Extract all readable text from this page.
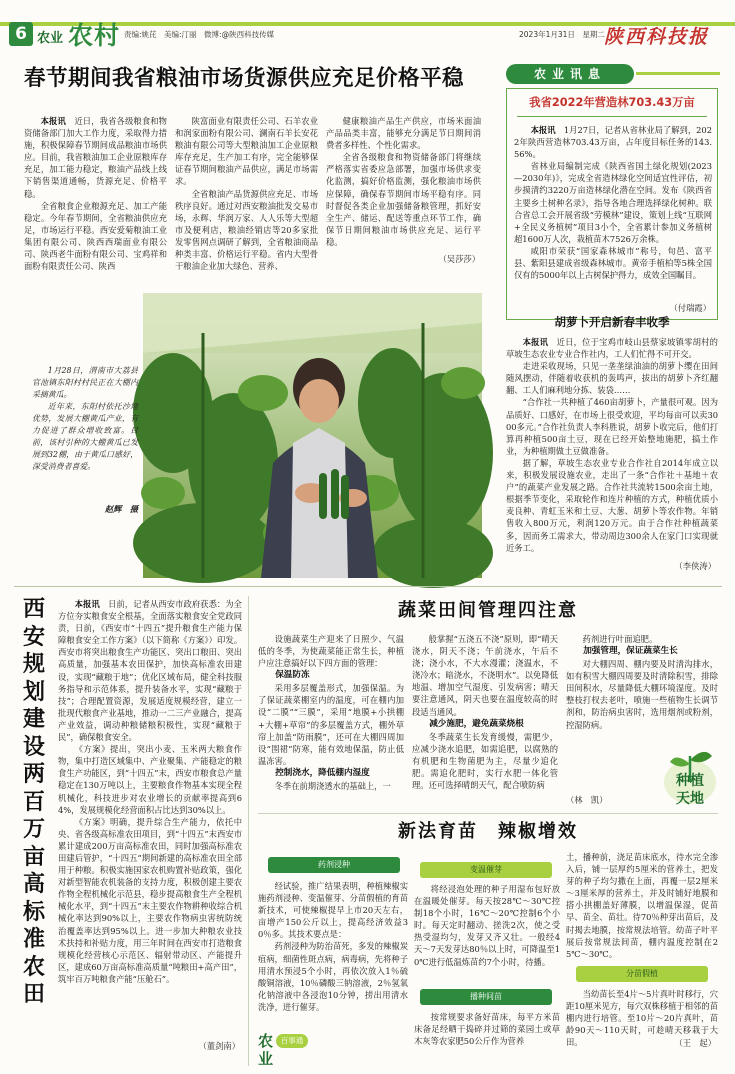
6 农业 农村 责编:姚芘　美编:汀丽　微博:@陕西科技传媒	2023年1月31日　星期二 陕西科技报
春节期间我省粮油市场货源供应充足价格平稳

本报讯　近日，我省各级粮食和物资储备部门加大工作力度，采取得力措施，积极保障春节期间成品粮油市场供应。目前，我省粮油加工企业原粮库存充足，加工能力稳定，粮油产品线上线下销售渠道通畅，货源充足、价格平稳。

全省粮食企业粮源充足、加工产能稳定。今年春节期间，全省粮油供应充足，市场运行平稳。西安爱菊粮油工业集团有限公司、陕西西瑞面业有限公司、陕西老牛面粉有限公司、宝鸡祥和面粉有限责任公司、陕西

陕富面业有限责任公司、石羊农业和润家面粉有限公司、澜南石羊长安花粮油有限公司等大型粮油加工企业原粮库存充足，生产加工有序，完全能够保证春节期间粮油产品供应，满足市场需求。

全省粮油产品货源供应充足、市场秩序良好。通过对西安粮油批发交易市场，永辉、华润万家、人人乐等大型超市及便利店，粮油经销店等20多家批发零售网点调研了解到，全省粮油商品种类丰富、价格运行平稳。省内大型骨干粮油企业加大绿色、营养、

健康粮油产品生产供应，市场米面油产品品类丰富，能够充分满足节日期间消费者多样性、个性化需求。

全省各级粮食和物资储备部门将继续严格落实省委应急部署，加强市场供求变化监测，搞好价格监测，强化粮油市场供应保障，确保春节期间市场平稳有序。同时督促各类企业加强储备粮管理，抓好安全生产、储运、配送等重点环节工作，确保节日期间粮油市场供应充足、运行平稳。

（吴莎莎）

1月28日，渭南市大荔县官池镇东阳村村民正在大棚内采摘黄瓜。

近年来，东阳村依托沙地优势，发展大棚黄瓜产业，有力促进了群众增收致富。目前，该村引种的大棚黄瓜已发展到32棚，由于黄瓜口感好，深受消费者喜爱。

赵辉　摄
农业讯息
我省2022年营造林703.43万亩

本报讯　1月27日，记者从省林业局了解到，2022年陕西营造林703.43万亩，占年度目标任务的143.56%。

省林业局编制完成《陕西省国土绿化规划(2023—2030年)》，完成全省造林绿化空间适宜性评估，初步摸清约3220万亩造林绿化潜在空间。发布《陕西省主要乡土树种名录》，指导各地合理选择绿化树种。联合省总工会开展省级“劳模林”建设，策划上线“互联网+全民义务植树”项目3小个，全省累计参加义务植树超1600万人次，栽植苗木7526万余株。

咸阳市荣获“国家森林城市”称号，旬邑、富平县、紫阳县建成省级森林城市。黄帝手植柏等5株全国仅有的5000年以上古树保护得力，成效全国瞩目。

（付瑞霞）
胡萝卜开启新春丰收季

本报讯　近日，位于宝鸡市岐山县蔡家坡镇零胡村的草坡生态农业专业合作社内，工人们忙得不可开交。

走进采收现场，只见一垄垄绿油油的胡萝卜缨在田间随风摆动，伴随着收获机的轰鸣声，拔出的胡萝卜齐红翻翻、工人们麻利地分拣、装袋……

“合作社一共种植了460亩胡萝卜，产量很可观。因为品质好、口感好，在市场上很受欢迎，平均每亩可以卖3000多元。”合作社负责人李科胜说，胡萝卜收完后，他们打算再种植500亩土豆，现在已经开始整地施肥，搞土作业，为种植期做土豆做准备。

据了解，草坡生态农业专业合作社自2014年成立以来，积极发展设施农业，走出了一条“合作社＋基地＋农户”的蔬菜产业发展之路。合作社共流转1500余亩土地，根据季节变化，采取轮作和连片种植的方式，种植优质小麦良种、青虹玉米和土豆、大葱、胡萝卜等农作物。年销售收入800万元，利润120万元。由于合作社种植蔬菜多，因而务工需求大，带动周边300余人在家门口实现就近务工。

（李侠涛）
西安规划建设两百万亩高标准农田

本报讯　日前，记者从西安市政府获悉：为全方位夯实粮食安全根基，全面落实粮食安全党政同责，日前，《西安市“十四五”提升粮食生产能力保障粮食安全工作方案》（以下简称《方案》）印发。西安市将突出粮食生产功能区、突出口粮田、突出高质量，加强基本农田保护，加快高标准农田建设，实现“藏粮于地”；优化区域布局，健全科技服务指导和示范体系，提升装备水平，实现“藏粮于技”；合理配置资源，发展适度规模经营，建立一批现代粮食产业基地，推动一二三产业融合，提高产业效益，调动种粮储粮积极性，实现“藏粮于民”，确保粮食安全。

《方案》提出，突出小麦、玉米两大粮食作物，集中打造区域集中、产业聚集、产能稳定的粮食生产功能区，到“十四五”末，西安市粮食总产量稳定在130万吨以上，主要粮食作物基本实现全程机械化，科技进步对农业增长的贡献率提高到64%，发展规模化经营面积占比达到30%以上。

《方案》明确，提升综合生产能力，依托中央、省各级高标准农田项目，到“十四五”末西安市累计建成200万亩高标准农田，同时加强高标准农田建后管护，“十四五”期间新建的高标准农田全部用于种粮。积极实施国家农机购置补贴政策，强化对新型智能农机装备的支持力度，积极创建主要农作物全程机械化示范县，稳步提高粮食生产全程机械化水平，到“十四五”末主要农作物耕种收综合机械化率达到90%以上，主要农作物病虫害统防统治覆盖率达到95%以上。进一步加大种粮农业技术扶持和补贴力度，用三年时间在西安市打造粮食规模化经营核心示范区、辐射带动区、产能提升区，建成60万亩高标准高质量“吨粮田+高产田”，筑牢百万吨粮食产能“压舱石”。

（董剑南）
蔬菜田间管理四注意

设施蔬菜生产迎来了日照少、气温低的冬季，为使蔬菜能正常生长，种植户应注意搞好以下四方面的管理：

保温防冻

采用多层覆盖形式，加强保温。为了保证蔬菜棚室内的温度，可在棚内加设“二膜”“三膜”，采用“地膜+小拱棚+大棚+草帘”的多层覆盖方式，棚外草帘上加盖“防雨膜”，还可在大棚四周加设“围裙”防寒，能有效地保温，防止低温冻害。

控制浇水，降低棚内湿度

冬季在前期浇透水的基础上，一

般掌握“五浇五不浇”原则，即“晴天浇水，阴天不浇；午前浇水，午后不浇；浇小水，不大水漫灌；浇温水，不浇冷水；暗浇水，不浇明水”。以免降低地温、增加空气湿度、引发病害；晴天要注意通风，阴天也要在温度较高的时段适当通风。

减少施肥，避免蔬菜烧根

冬季蔬菜生长发育缓慢，需肥少，应减少浇水追肥，如需追肥，以腐熟的有机肥和生物菌肥为主，尽量少追化肥。需追化肥时，实行水肥一体化管理。还可选择晴朗天气，配合喷防病

药剂进行叶面追肥。

加强管理，保证蔬菜生长

对大棚四周、棚内要及时清沟排水，如有积雪大棚四周要及时清除积雪，排除田间积水，尽量降低大棚环境湿度。及时整枝打杈去老叶，喷施一些植物生长调节剂和，防治病虫害时，选用烟剂或粉剂，控湿防病。

（林　凯）
种植
天地
新法育苗　辣椒增效
药剂浸种

经试验，推广结果表明，种植辣椒实施药剂浸种、变温催芽、分苗假植的育苗新技术，可使辣椒提早上市20天左右，亩增产150公斤以上，提高经济效益30％多。其技术要点是：

药剂浸种为防治苗死，多发的辣椒炭疽病，细菌性斑点病，病毒病，先将种子用清水预浸5个小时，再依次放入1％硫酸铜溶液，10％磷酸三钠溶液，2％氢氧化钠溶液中各浸泡10分钟，捞出用清水洗净，进行催芽。

变温催芽

将经浸泡处理的种子用湿布包好放在温暖处催芽。每天按28℃～30℃控制18个小时，16℃～20℃控制6个小时。每天定时翻动、搓洗2次，使之受热受湿均匀，发芽又齐又壮。一般经4天～7天发芽达80％以上时，可降温至10℃进行低温炼苗约7个小时，待播。

播种间苗

按常规要求备好苗床，每平方米苗床备足经晒干捣碎并过筛的菜园土或草木灰等农家肥50公斤作为营养

土，播种前，浇足苗床底水，待水完全渗入后，铺一层厚约5厘米的营养土，把发芽的种子均匀撒在上面，再覆一层2厘米～3厘米厚的营养土，并及时铺好地膜和搭小拱棚盖好薄膜，以增温保湿，促苗早、苗全、苗壮。待70％种芽出苗后，及时揭去地膜，按常规法培管。幼苗子叶平展后按常规法间苗，棚内温度控制在25℃～30℃。

分苗假植

当幼苗长至4片～5片真叶时移行，穴距10厘米见方，每穴双株移植于相邻的苗棚内进行培管。至10片～20片真叶，苗龄90天～110天时，可趁晴天移栽于大田。	（王　起）
农
业
百事通
